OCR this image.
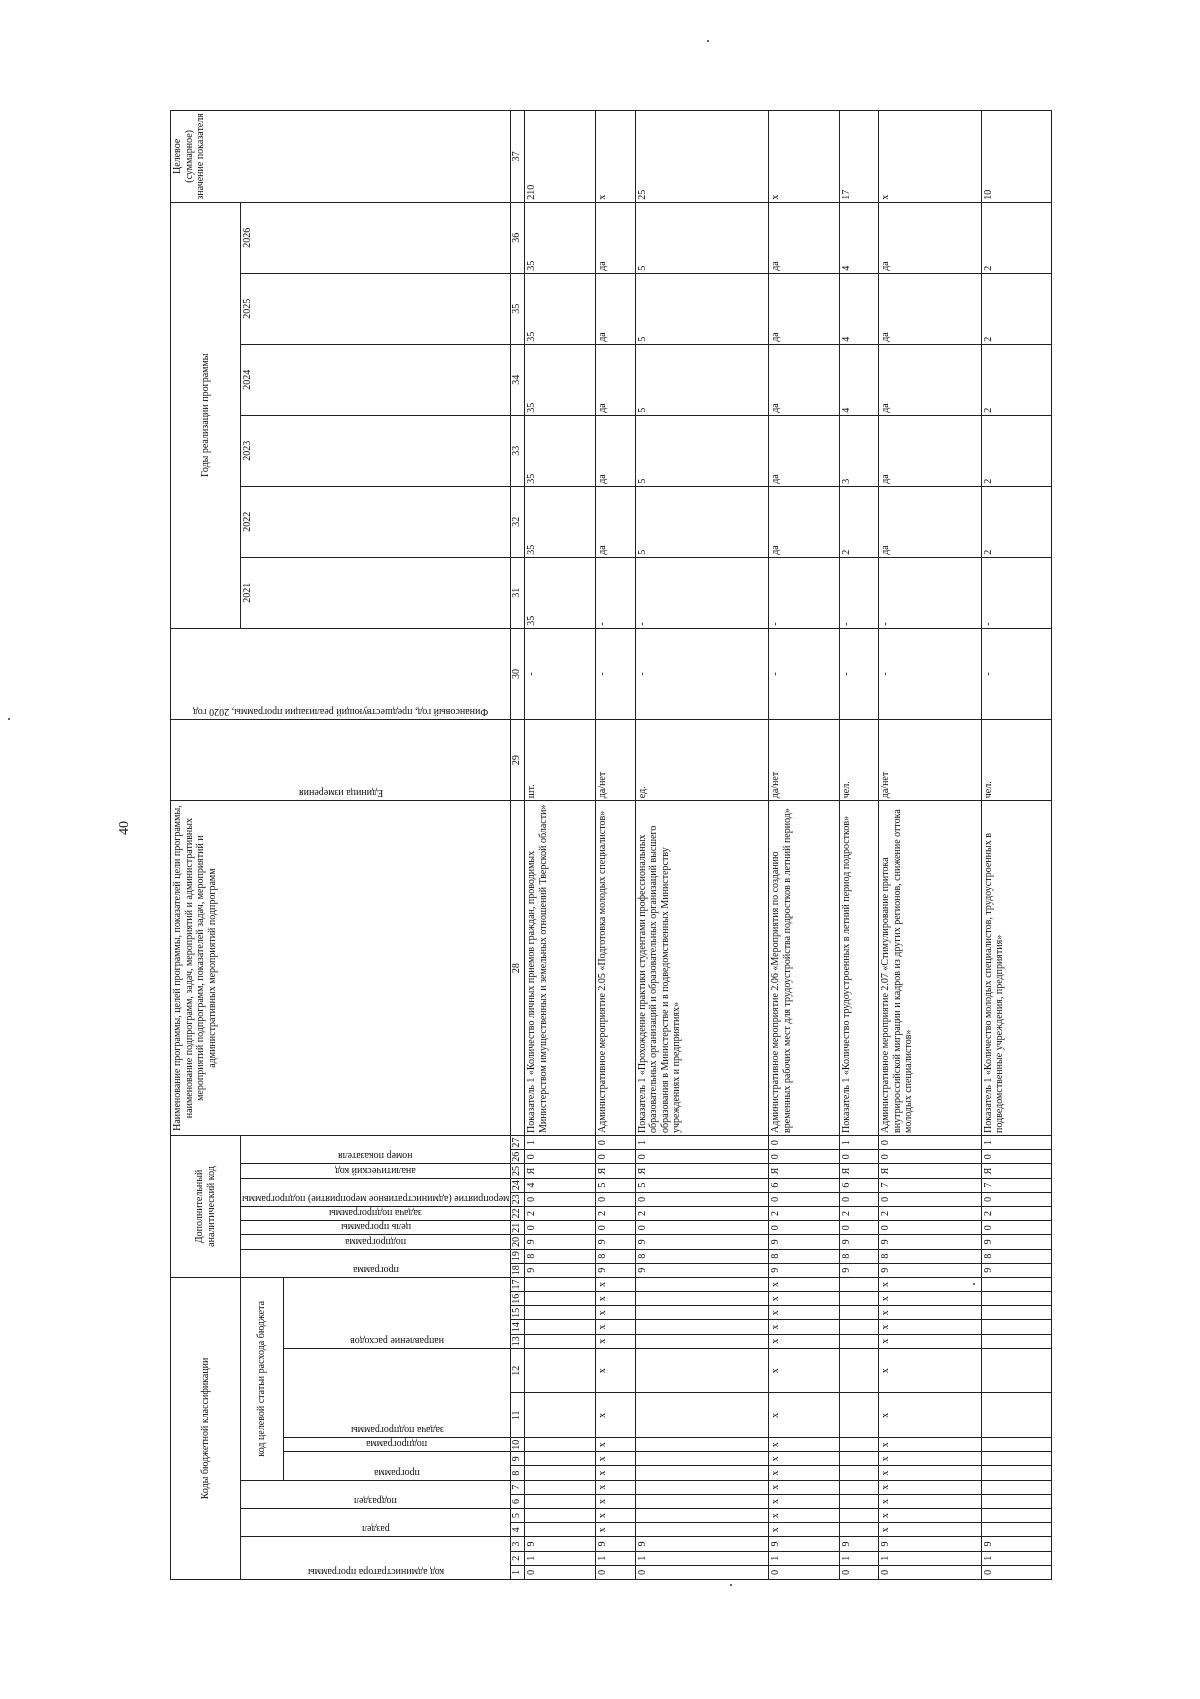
40
Коды бюджетной классификации																	Дополнительный аналитический код										Наименование программы, целей программы, показателей цели программы, наименование подпрограмм, задач, мероприятий и административных мероприятий подпрограмм, показателей задач, мероприятий и административных мероприятий подпрограмм	Единица измерения	Финансовый год, предшествующий реализации программы, 2020 год	Годы реализации программы						Целевое (суммарное) значение показателя

код администратора программы			раздел		подраздел		код целевой статьи расхода бюджета										программа		подпрограмма	цель программы	задача подпрограммы	мероприятие (административное мероприятие) подпрограммы		аналитический код	номер показателя					2021	2022	2023	2024	2025	2026	

							программа		подпрограмма	задача подпрограммы		направление расходов																								

1	2	3	4	5	6	7	8	9	10	11	12	13	14	15	16	17	18	19	20	21	22	23	24	25	26	27	28	29	30	31	32	33	34	35	36	37
0	1	9															9	8	9	0	2	0	4	Я	0	1	Показатель 1 «Количество личных приемов граждан, проводимых Министерством имущественных и земельных отношений Тверской области»	шт.	-	35	35	35	35	35	35	210
0	1	9	x	x	x	x	x	x	x	x	x	x	x	x	x	x	9	8	9	0	2	0	5	Я	0	0	Административное мероприятие 2.05 «Подготовка молодых специалистов»	да/нет	-	-	да	да	да	да	да	x
0	1	9															9	8	9	0	2	0	5	Я	0	1	Показатель 1 «Прохождение практики студентами профессиональных образовательных организаций и образовательных организаций высшего образования в Министерстве и в подведомственных Министерству учреждениях и предприятиях»	ед.	-	-	5	5	5	5	5	25
0	1	9	x	x	x	x	x	x	x	x	x	x	x	x	x	x	9	8	9	0	2	0	6	Я	0	0	Административное мероприятие 2.06 «Мероприятия по созданию временных рабочих мест для трудоустройства подростков в летний период»	да/нет	-	-	да	да	да	да	да	x
0	1	9															9	8	9	0	2	0	6	Я	0	1	Показатель 1 «Количество трудоустроенных в летний период подростков»	чел.	-	-	2	3	4	4	4	17
0	1	9	x	x	x	x	x	x	x	x	x	x	x	x	x	x	9	8	9	0	2	0	7	Я	0	0	Административное мероприятие 2.07 «Стимулирование притока внутрироссийской миграции и кадров из других регионов, снижение оттока молодых специалистов»	да/нет	-	-	да	да	да	да	да	x
0	1	9															9	8	9	0	2	0	7	Я	0	1	Показатель 1 «Количество молодых специалистов, трудоустроенных в подведомственные учреждения, предприятия»	чел.	-	-	2	2	2	2	2	10
